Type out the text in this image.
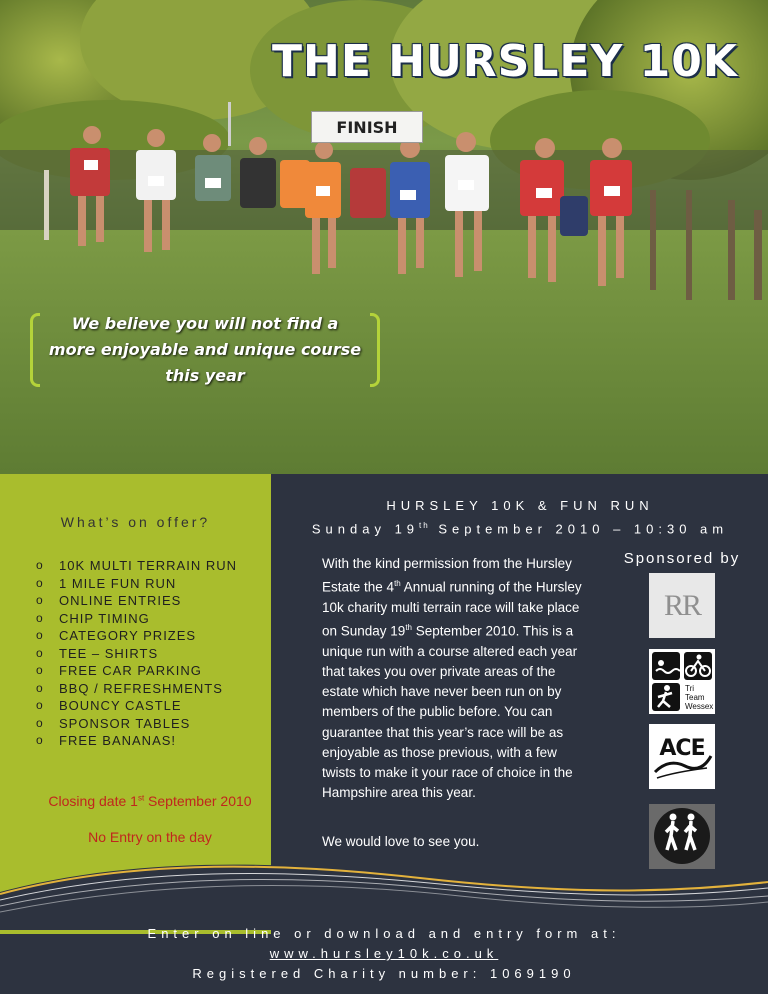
THE HURSLEY 10K
FINISH
We believe you will not find a more enjoyable and unique course this year
What’s on offer?
o	10K MULTI TERRAIN RUN
o	1 MILE FUN RUN
o	ONLINE ENTRIES
o	CHIP TIMING
o	CATEGORY PRIZES
o	TEE – SHIRTS
o	FREE CAR PARKING
o	BBQ / REFRESHMENTS
o	BOUNCY CASTLE
o	SPONSOR TABLES
o	FREE BANANAS!
Closing date 1st September 2010
No Entry on the day
HURSLEY 10K & FUN RUN
Sunday 19th September 2010 – 10:30 am

With the kind permission from the Hursley Estate the 4th Annual running of the Hursley 10k charity multi terrain race will take place on Sunday 19th September 2010. This is a unique run with a course altered each year that takes you over private areas of the estate which have never been run on by members of the public before. You can guarantee that this year’s race will be as enjoyable as those previous, with a few twists to make it your race of choice in the Hampshire area this year.

We would love to see you.
Sponsored by
RR
Tri
Team
Wessex
ACE
Enter on line or download and entry form at:
www.hursley10k.co.uk
Registered Charity number: 1069190
